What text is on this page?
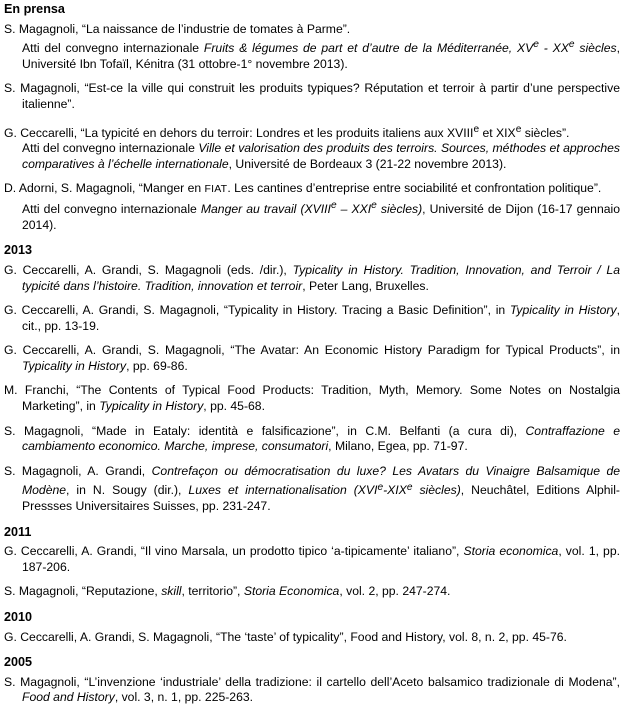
En prensa
S. Magagnoli, “La naissance de l’industrie de tomates à Parme”.
Atti del convegno internazionale Fruits & légumes de part et d’autre de la Méditerranée, XVe - XXe siècles, Université Ibn Tofaïl, Kénitra (31 ottobre-1° novembre 2013).
S. Magagnoli, “Est-ce la ville qui construit les produits typiques? Réputation et terroir à partir d’une perspective italienne”.
G. Ceccarelli, “La typicité en dehors du terroir: Londres et les produits italiens aux XVIIIe et XIXe siècles”.
Atti del convegno internazionale Ville et valorisation des produits des terroirs. Sources, méthodes et approches comparatives à l’échelle internationale, Université de Bordeaux 3 (21-22 novembre 2013).
D. Adorni, S. Magagnoli, “Manger en FIAT. Les cantines d’entreprise entre sociabilité et confrontation politique”.
Atti del convegno internazionale Manger au travail (XVIIIe – XXIe siècles), Université de Dijon (16-17 gennaio 2014).
2013
G. Ceccarelli, A. Grandi, S. Magagnoli (eds. /dir.), Typicality in History. Tradition, Innovation, and Terroir / La typicité dans l’histoire. Tradition, innovation et terroir, Peter Lang, Bruxelles.
G. Ceccarelli, A. Grandi, S. Magagnoli, “Typicality in History. Tracing a Basic Definition”, in Typicality in History, cit., pp. 13-19.
G. Ceccarelli, A. Grandi, S. Magagnoli, “The Avatar: An Economic History Paradigm for Typical Products”, in Typicality in History, pp. 69-86.
M. Franchi, “The Contents of Typical Food Products: Tradition, Myth, Memory. Some Notes on Nostalgia Marketing”, in Typicality in History, pp. 45-68.
S. Magagnoli, “Made in Eataly: identità e falsificazione”, in C.M. Belfanti (a cura di), Contraffazione e cambiamento economico. Marche, imprese, consumatori, Milano, Egea, pp. 71-97.
S. Magagnoli, A. Grandi, Contrefaçon ou démocratisation du luxe? Les Avatars du Vinaigre Balsamique de Modène, in N. Sougy (dir.), Luxes et internationalisation (XVIe-XIXe siècles), Neuchâtel, Editions Alphil-Pressses Universitaires Suisses, pp. 231-247.
2011
G. Ceccarelli, A. Grandi, “Il vino Marsala, un prodotto tipico ‘a-tipicamente’ italiano”, Storia economica, vol. 1, pp. 187-206.
S. Magagnoli, “Reputazione, skill, territorio”, Storia Economica, vol. 2, pp. 247-274.
2010
G. Ceccarelli, A. Grandi, S. Magagnoli, “The ‘taste’ of typicality”, Food and History, vol. 8, n. 2, pp. 45-76.
2005
S. Magagnoli, “L’invenzione ‘industriale’ della tradizione: il cartello dell’Aceto balsamico tradizionale di Modena”, Food and History, vol. 3, n. 1, pp. 225-263.
